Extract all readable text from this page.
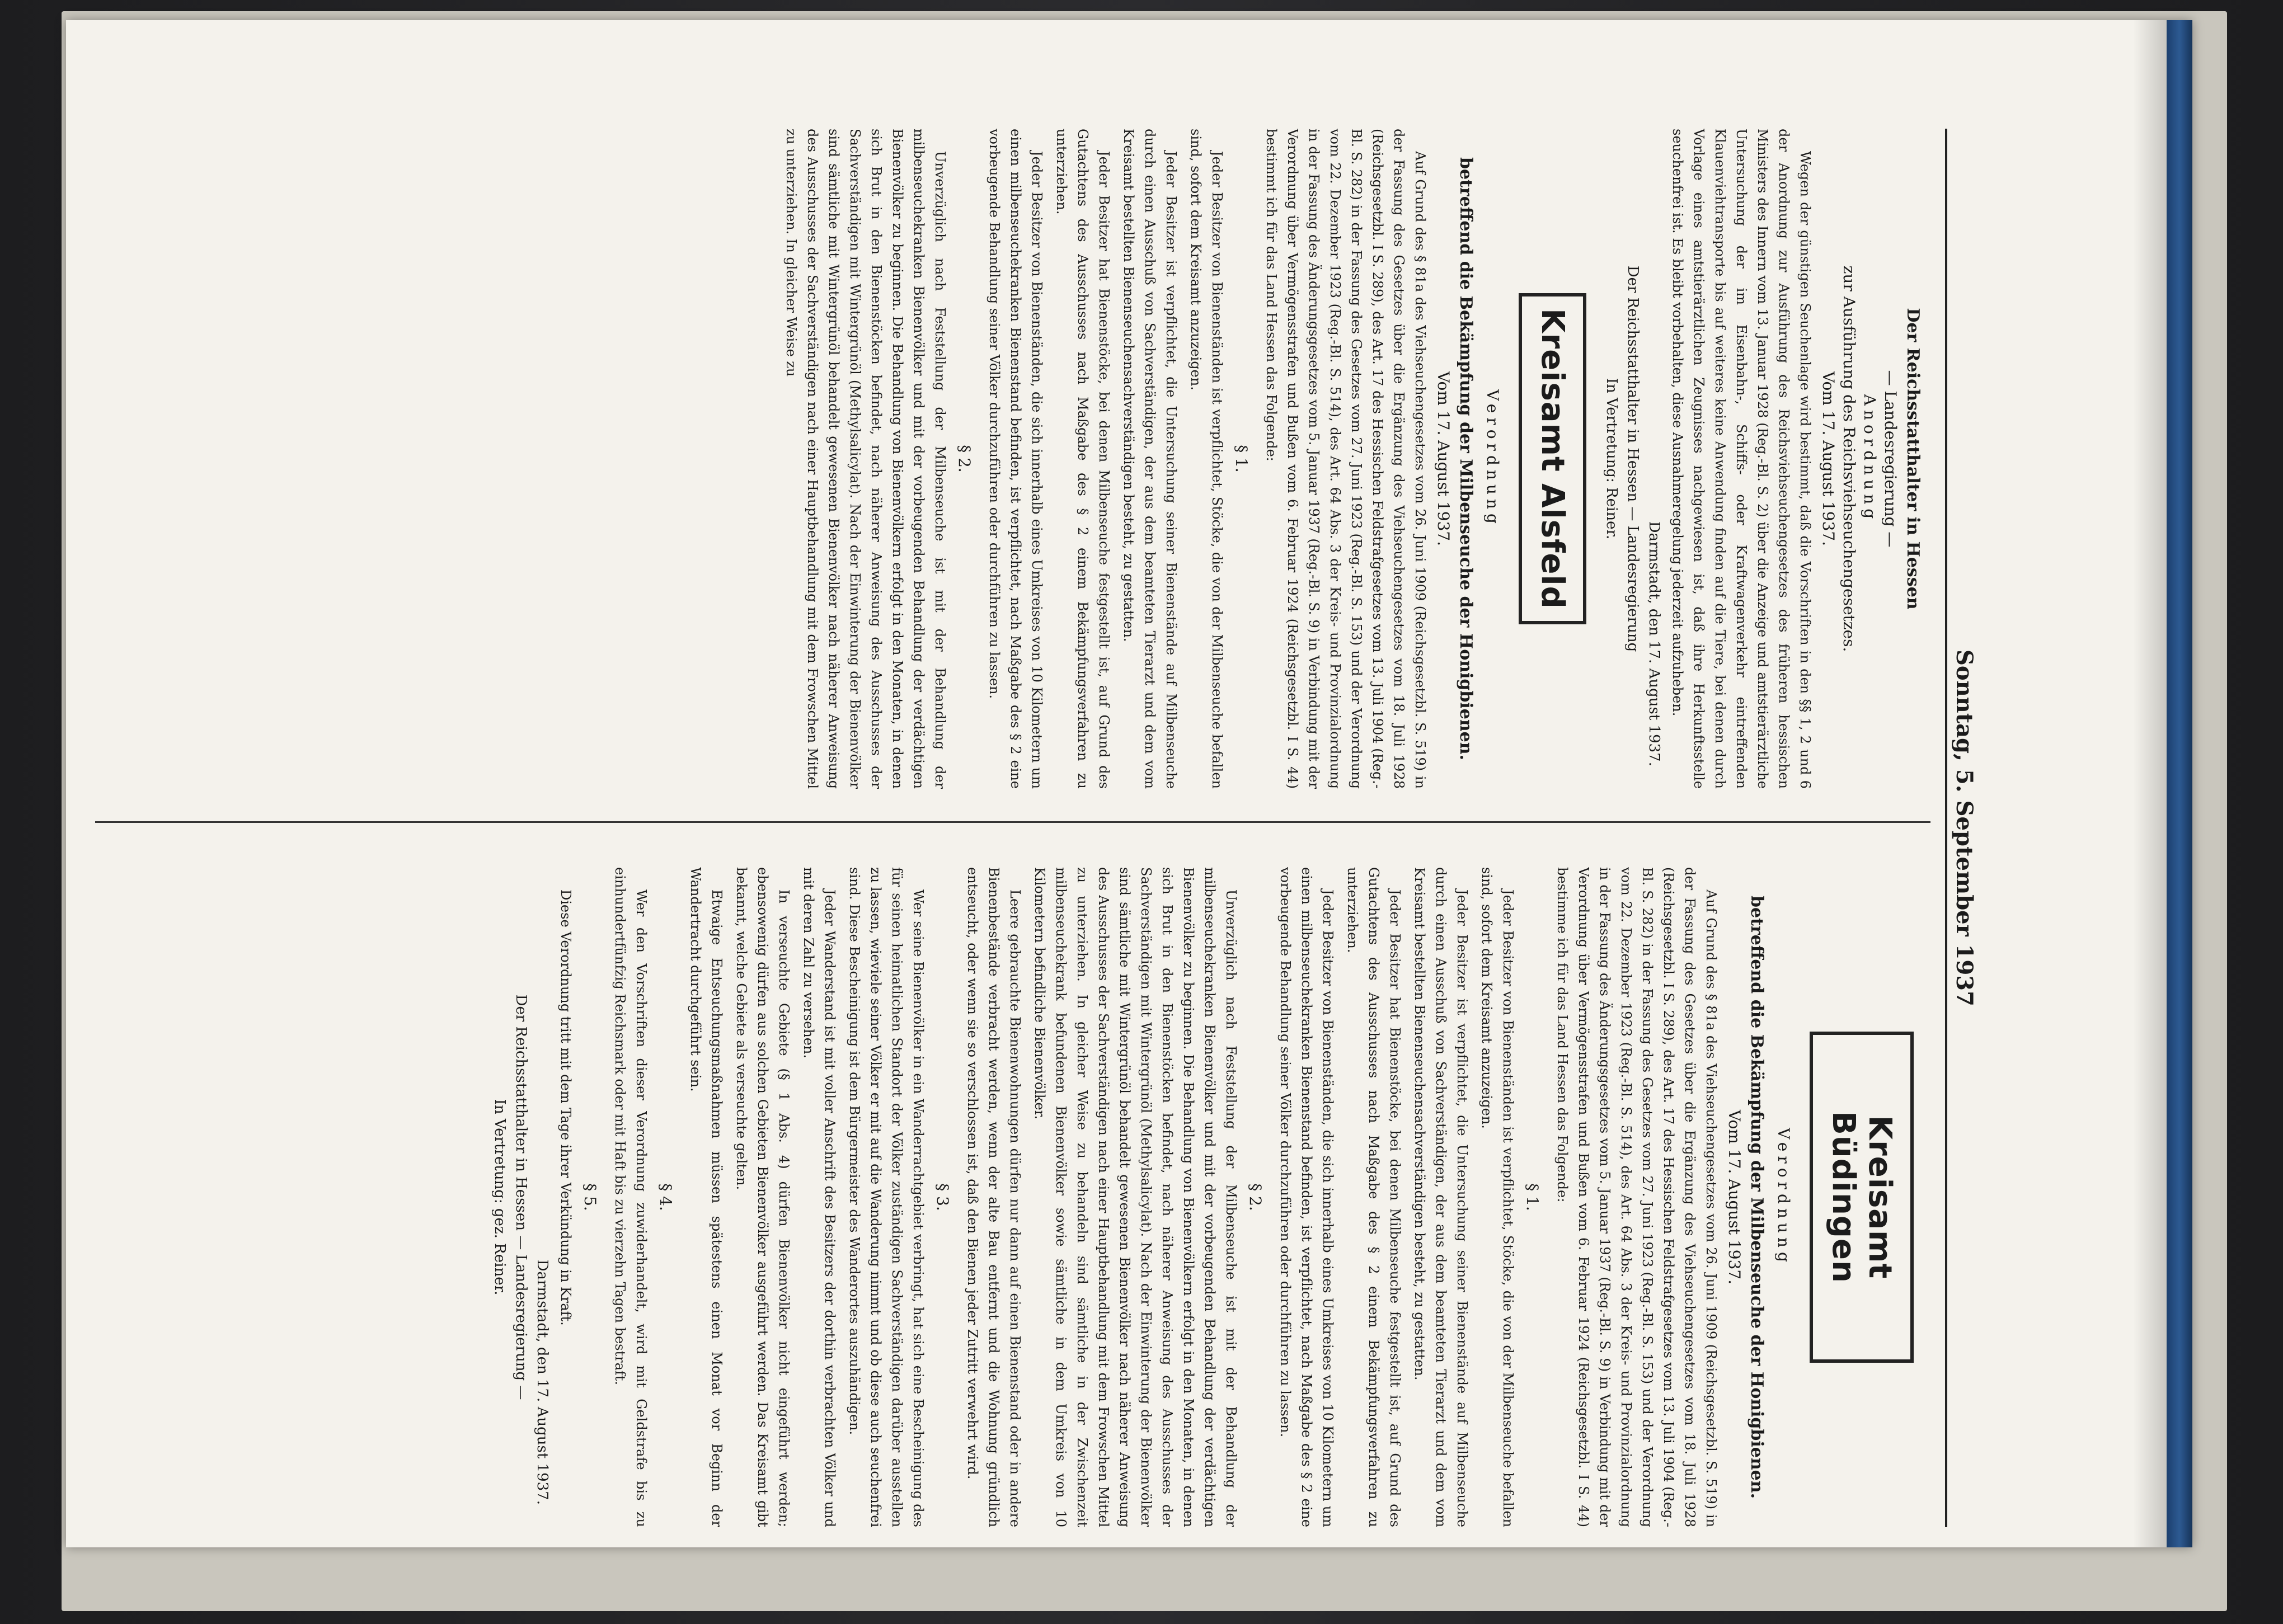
Sonntag, 5. September 1937
Der Reichsstatthalter in Hessen
— Landesregierung —
Anordnung
zur Ausführung des Reichsviehseuchengesetzes.
Vom 17. August 1937.
Wegen der günstigen Seuchenlage wird bestimmt, daß die Vorschriften in den §§ 1, 2 und 6 der Anordnung zur Ausführung des Reichsviehseuchengesetzes des früheren hessischen Ministers des Innern vom 13. Januar 1928 (Reg.-Bl. S. 2) über die Anzeige und amtstierärztliche Untersuchung der im Eisenbahn-, Schiffs- oder Kraftwagenverkehr eintreffenden Klauenviehtransporte bis auf weiteres keine Anwendung finden auf die Tiere, bei denen durch Vorlage eines amtstierärztlichen Zeugnisses nachgewiesen ist, daß ihre Herkunftsstelle seuchenfrei ist. Es bleibt vorbehalten, diese Ausnahmeregelung jederzeit aufzuheben.
Darmstadt, den 17. August 1937.
Der Reichsstatthalter in Hessen — Landesregierung
In Vertretung: Reiner.
Kreisamt Alsfeld
Verordnung
betreffend die Bekämpfung der Milbenseuche der Honigbienen.
Vom 17. August 1937.
Auf Grund des § 81a des Viehseuchengesetzes vom 26. Juni 1909 (Reichsgesetzbl. S. 519) in der Fassung des Gesetzes über die Ergänzung des Viehseuchengesetzes vom 18. Juli 1928 (Reichsgesetzbl. I S. 289), des Art. 17 des Hessischen Feldstrafgesetzes vom 13. Juli 1904 (Reg.-Bl. S. 282) in der Fassung des Gesetzes vom 27. Juni 1923 (Reg.-Bl. S. 153) und der Verordnung vom 22. Dezember 1923 (Reg.-Bl. S. 514), des Art. 64 Abs. 3 der Kreis- und Provinzialordnung in der Fassung des Änderungsgesetzes vom 5. Januar 1937 (Reg.-Bl. S. 9) in Verbindung mit der Verordnung über Vermögensstrafen und Bußen vom 6. Februar 1924 (Reichsgesetzbl. I S. 44) bestimmt ich für das Land Hessen das Folgende:
§ 1.
Jeder Besitzer von Bienenständen ist verpflichtet, Stöcke, die von der Milbenseuche befallen sind, sofort dem Kreisamt anzuzeigen.
Jeder Besitzer ist verpflichtet, die Untersuchung seiner Bienenstände auf Milbenseuche durch einen Ausschuß von Sachverständigen, der aus dem beamteten Tierarzt und dem vom Kreisamt bestellten Bienenseuchensachverständigen besteht, zu gestatten.
Jeder Besitzer hat Bienenstöcke, bei denen Milbenseuche festgestellt ist, auf Grund des Gutachtens des Ausschusses nach Maßgabe des § 2 einem Bekämpfungsverfahren zu unterziehen.
Jeder Besitzer von Bienenständen, die sich innerhalb eines Umkreises von 10 Kilometern um einen milbenseuchekranken Bienenstand befinden, ist verpflichtet, nach Maßgabe des § 2 eine vorbeugende Behandlung seiner Völker durchzuführen oder durchführen zu lassen.
§ 2.
Unverzüglich nach Feststellung der Milbenseuche ist mit der Behandlung der milbenseuchekranken Bienenvölker und mit der vorbeugenden Behandlung der verdächtigen Bienenvölker zu beginnen. Die Behandlung von Bienenvölkern erfolgt in den Monaten, in denen sich Brut in den Bienenstöcken befindet, nach näherer Anweisung des Ausschusses der Sachverständigen mit Wintergrünöl (Methylsalicylat). Nach der Einwinterung der Bienenvölker sind sämtliche mit Wintergrünöl behandelt gewesenen Bienenvölker nach näherer Anweisung des Ausschusses der Sachverständigen nach einer Hauptbehandlung mit dem Frowschen Mittel zu unterziehen. In gleicher Weise zu
Kreisamt Büdingen
Verordnung
betreffend die Bekämpfung der Milbenseuche der Honigbienen.
Vom 17. August 1937.
Auf Grund des § 81a des Viehseuchengesetzes vom 26. Juni 1909 (Reichsgesetzbl. S. 519) in der Fassung des Gesetzes über die Ergänzung des Viehseuchengesetzes vom 18. Juli 1928 (Reichsgesetzbl. I S. 289), des Art. 17 des Hessischen Feldstrafgesetzes vom 13. Juli 1904 (Reg.-Bl. S. 282) in der Fassung des Gesetzes vom 27. Juni 1923 (Reg.-Bl. S. 153) und der Verordnung vom 22. Dezember 1923 (Reg.-Bl. S. 514), des Art. 64 Abs. 3 der Kreis- und Provinzialordnung in der Fassung des Änderungsgesetzes vom 5. Januar 1937 (Reg.-Bl. S. 9) in Verbindung mit der Verordnung über Vermögensstrafen und Bußen vom 6. Februar 1924 (Reichsgesetzbl. I S. 44) bestimme ich für das Land Hessen das Folgende:
§ 1.
Jeder Besitzer von Bienenständen ist verpflichtet, Stöcke, die von der Milbenseuche befallen sind, sofort dem Kreisamt anzuzeigen.
Jeder Besitzer ist verpflichtet, die Untersuchung seiner Bienenstände auf Milbenseuche durch einen Ausschuß von Sachverständigen, der aus dem beamteten Tierarzt und dem vom Kreisamt bestellten Bienenseuchensachverständigen besteht, zu gestatten.
Jeder Besitzer hat Bienenstöcke, bei denen Milbenseuche festgestellt ist, auf Grund des Gutachtens des Ausschusses nach Maßgabe des § 2 einem Bekämpfungsverfahren zu unterziehen.
Jeder Besitzer von Bienenständen, die sich innerhalb eines Umkreises von 10 Kilometern um einen milbenseuchekranken Bienenstand befinden, ist verpflichtet, nach Maßgabe des § 2 eine vorbeugende Behandlung seiner Völker durchzuführen oder durchführen zu lassen.
§ 2.
Unverzüglich nach Feststellung der Milbenseuche ist mit der Behandlung der milbenseuchekranken Bienenvölker und mit der vorbeugenden Behandlung der verdächtigen Bienenvölker zu beginnen. Die Behandlung von Bienenvölkern erfolgt in den Monaten, in denen sich Brut in den Bienenstöcken befindet, nach näherer Anweisung des Ausschusses der Sachverständigen mit Wintergrünöl (Methylsalicylat). Nach der Einwinterung der Bienenvölker sind sämtliche mit Wintergrünöl behandelt gewesenen Bienenvölker nach näherer Anweisung des Ausschusses der Sachverständigen nach einer Hauptbehandlung mit dem Frowschen Mittel zu unterziehen. In gleicher Weise zu behandeln sind sämtliche in der Zwischenzeit milbenseuchekrank befundenen Bienenvölker sowie sämtliche in dem Umkreis von 10 Kilometern befindliche Bienenvölker.
Leere gebrauchte Bienenwohnungen dürfen nur dann auf einen Bienenstand oder in andere Bienenbestände verbracht werden, wenn der alte Bau entfernt und die Wohnung gründlich entseucht, oder wenn sie so verschlossen ist, daß den Bienen jeder Zutritt verwehrt wird.
§ 3.
Wer seine Bienenvölker in ein Wanderrachtgebiet verbringt, hat sich eine Bescheinigung des für seinen heimatlichen Standort der Völker zuständigen Sachverständigen darüber ausstellen zu lassen, wieviele seiner Völker er mit auf die Wanderung nimmt und ob diese auch seuchenfrei sind. Diese Bescheinigung ist dem Bürgermeister des Wanderortes auszuhändigen.
Jeder Wanderstand ist mit voller Anschrift des Besitzers der dorthin verbrachten Völker und mit deren Zahl zu versehen.
In verseuchte Gebiete (§ 1 Abs. 4) dürfen Bienenvölker nicht eingeführt werden; ebensowenig dürfen aus solchen Gebieten Bienenvölker ausgeführt werden. Das Kreisamt gibt bekannt, welche Gebiete als verseuchte gelten.
Etwaige Entseuchungsmaßnahmen müssen spätestens einen Monat vor Beginn der Wandertracht durchgeführt sein.
§ 4.
Wer den Vorschriften dieser Verordnung zuwiderhandelt, wird mit Geldstrafe bis zu einhundertfünfzig Reichsmark oder mit Haft bis zu vierzehn Tagen bestraft.
§ 5.
Diese Verordnung tritt mit dem Tage ihrer Verkündung in Kraft.
Darmstadt, den 17. August 1937.
Der Reichsstatthalter in Hessen — Landesregierung —
In Vertretung: gez. Reiner.
